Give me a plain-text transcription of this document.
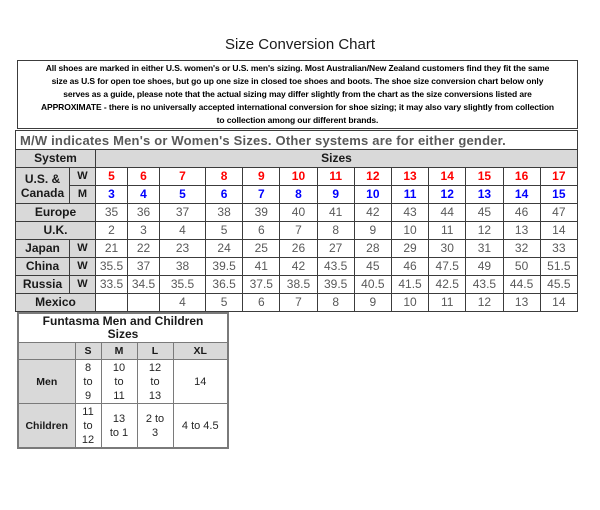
Size Conversion Chart
All shoes are marked in either U.S. women's or U.S. men's sizing. Most Australian/New Zealand customers find they fit the same
size as U.S for open toe shoes, but go up one size in closed toe shoes and boots. The shoe size conversion chart below only
serves as a guide, please note that the actual sizing may differ slightly from the chart as the size conversions listed are
APPROXIMATE - there is no universally accepted international conversion for shoe sizing; it may also vary slightly from collection
to collection among our different brands.
M/W indicates Men's or Women's Sizes. Other systems are for either gender.														
System		Sizes												
U.S. &
Canada	W	5	6	7	8	9	10	11	12	13	14	15	16	17
	M	3	4	5	6	7	8	9	10	11	12	13	14	15
Europe		35	36	37	38	39	40	41	42	43	44	45	46	47
U.K.		2	3	4	5	6	7	8	9	10	11	12	13	14
Japan	W	21	22	23	24	25	26	27	28	29	30	31	32	33
China	W	35.5	37	38	39.5	41	42	43.5	45	46	47.5	49	50	51.5
Russia	W	33.5	34.5	35.5	36.5	37.5	38.5	39.5	40.5	41.5	42.5	43.5	44.5	45.5
Mexico				4	5	6	7	8	9	10	11	12	13	14
Funtasma Men and Children
Sizes				
	S	M	L	XL
Men	8
to
9	10
to
11	12
to
13	14
Children	11
to
12	13
to 1	2 to
3	4 to 4.5
